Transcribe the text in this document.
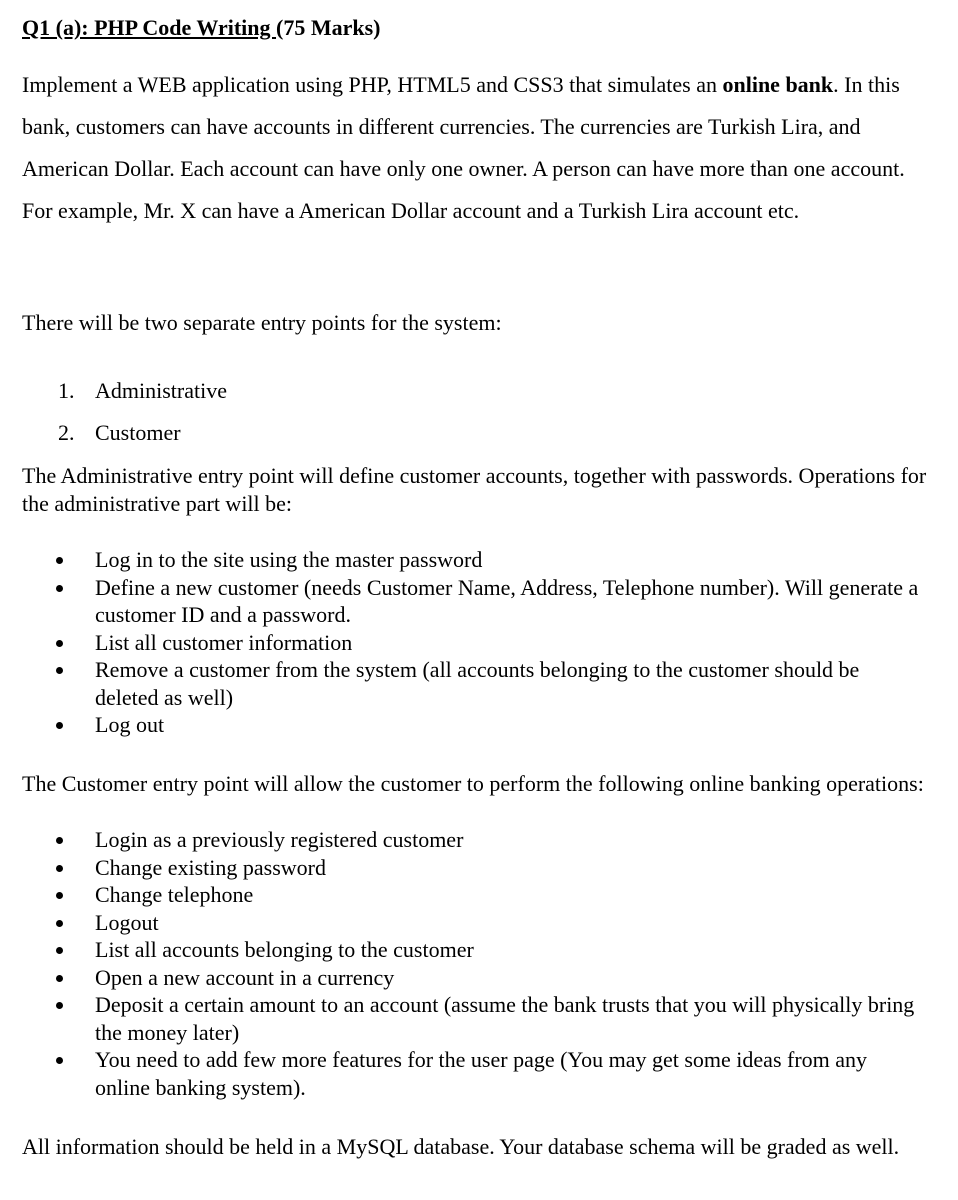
Q1 (a): PHP Code Writing (75 Marks)

Implement a WEB application using PHP, HTML5 and CSS3 that simulates an online bank. In this bank, customers can have accounts in different currencies. The currencies are Turkish Lira, and American Dollar. Each account can have only one owner. A person can have more than one account. For example, Mr. X can have a American Dollar account and a Turkish Lira account etc.

There will be two separate entry points for the system:

1. Administrative
2. Customer

The Administrative entry point will define customer accounts, together with passwords. Operations for the administrative part will be:

Log in to the site using the master password
Define a new customer (needs Customer Name, Address, Telephone number). Will generate a customer ID and a password.
List all customer information
Remove a customer from the system (all accounts belonging to the customer should be deleted as well)
Log out

The Customer entry point will allow the customer to perform the following online banking operations:

Login as a previously registered customer
Change existing password
Change telephone
Logout
List all accounts belonging to the customer
Open a new account in a currency
Deposit a certain amount to an account (assume the bank trusts that you will physically bring the money later)
You need to add few more features for the user page (You may get some ideas from any online banking system).

All information should be held in a MySQL database. Your database schema will be graded as well.
